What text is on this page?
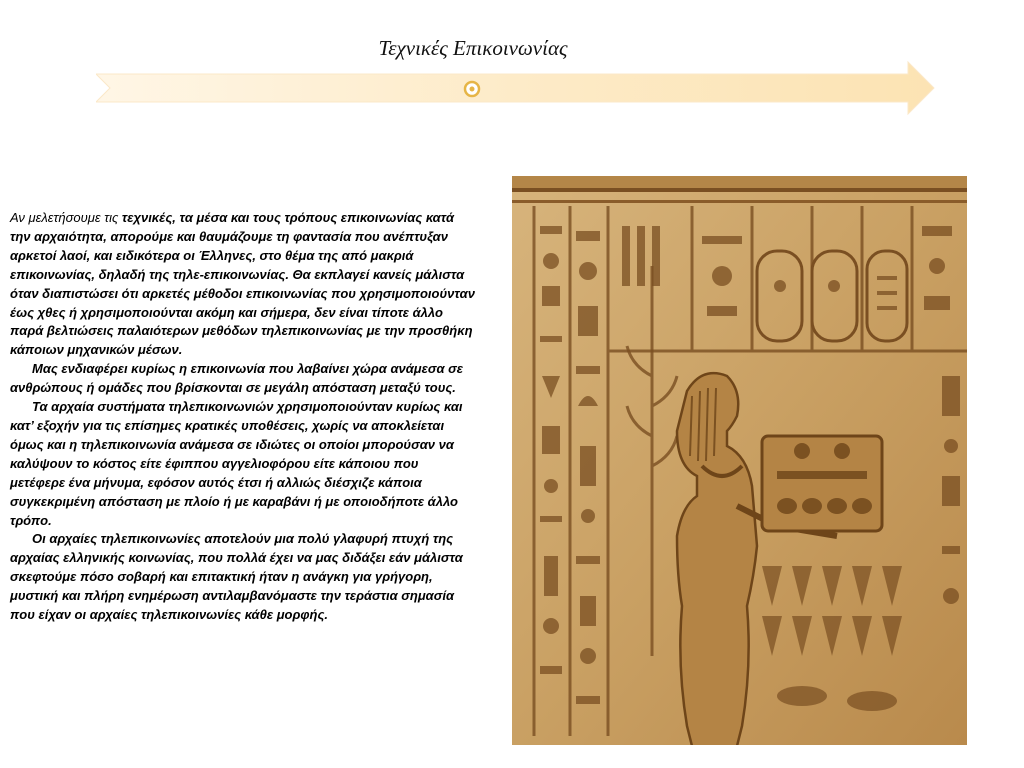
Τεχνικές Επικοινωνίας

Αν μελετήσουμε τις τεχνικές, τα μέσα και τους τρόπους επικοινωνίας κατά την αρχαιότητα, απορούμε και θαυμάζουμε τη φαντασία που ανέπτυξαν αρκετοί λαοί, και ειδικότερα οι Έλληνες, στο θέμα της από μακριά επικοινωνίας, δηλαδή της τηλε-επικοινωνίας. Θα εκπλαγεί κανείς μάλιστα όταν διαπιστώσει ότι αρκετές μέθοδοι επικοινωνίας που χρησιμοποιούνταν έως χθες ή χρησιμοποιούνται ακόμη και σήμερα, δεν είναι τίποτε άλλο παρά βελτιώσεις παλαιότερων μεθόδων τηλεπικοινωνίας με την προσθήκη κάποιων μηχανικών μέσων.

Μας ενδιαφέρει κυρίως η επικοινωνία που λαβαίνει χώρα ανάμεσα σε ανθρώπους ή ομάδες που βρίσκονται σε μεγάλη απόσταση μεταξύ τους.

Τα αρχαία συστήματα τηλεπικοινωνιών χρησιμοποιούνταν κυρίως και κατ’ εξοχήν για τις επίσημες κρατικές υποθέσεις, χωρίς να αποκλείεται όμως και η τηλεπικοινωνία ανάμεσα σε ιδιώτες οι οποίοι μπορούσαν να καλύψουν το κόστος είτε έφιππου αγγελιοφόρου είτε κάποιου που μετέφερε ένα μήνυμα, εφόσον αυτός έτσι ή αλλιώς διέσχιζε κάποια συγκεκριμένη απόσταση με πλοίο ή με καραβάνι ή με οποιοδήποτε άλλο τρόπο.

Οι αρχαίες τηλεπικοινωνίες αποτελούν μια πολύ γλαφυρή πτυχή της αρχαίας ελληνικής κοινωνίας, που πολλά έχει να μας διδάξει εάν μάλιστα σκεφτούμε πόσο σοβαρή και επιτακτική ήταν η ανάγκη για γρήγορη, μυστική και πλήρη ενημέρωση αντιλαμβανόμαστε την τεράστια σημασία που είχαν οι αρχαίες τηλεπικοινωνίες κάθε μορφής.
